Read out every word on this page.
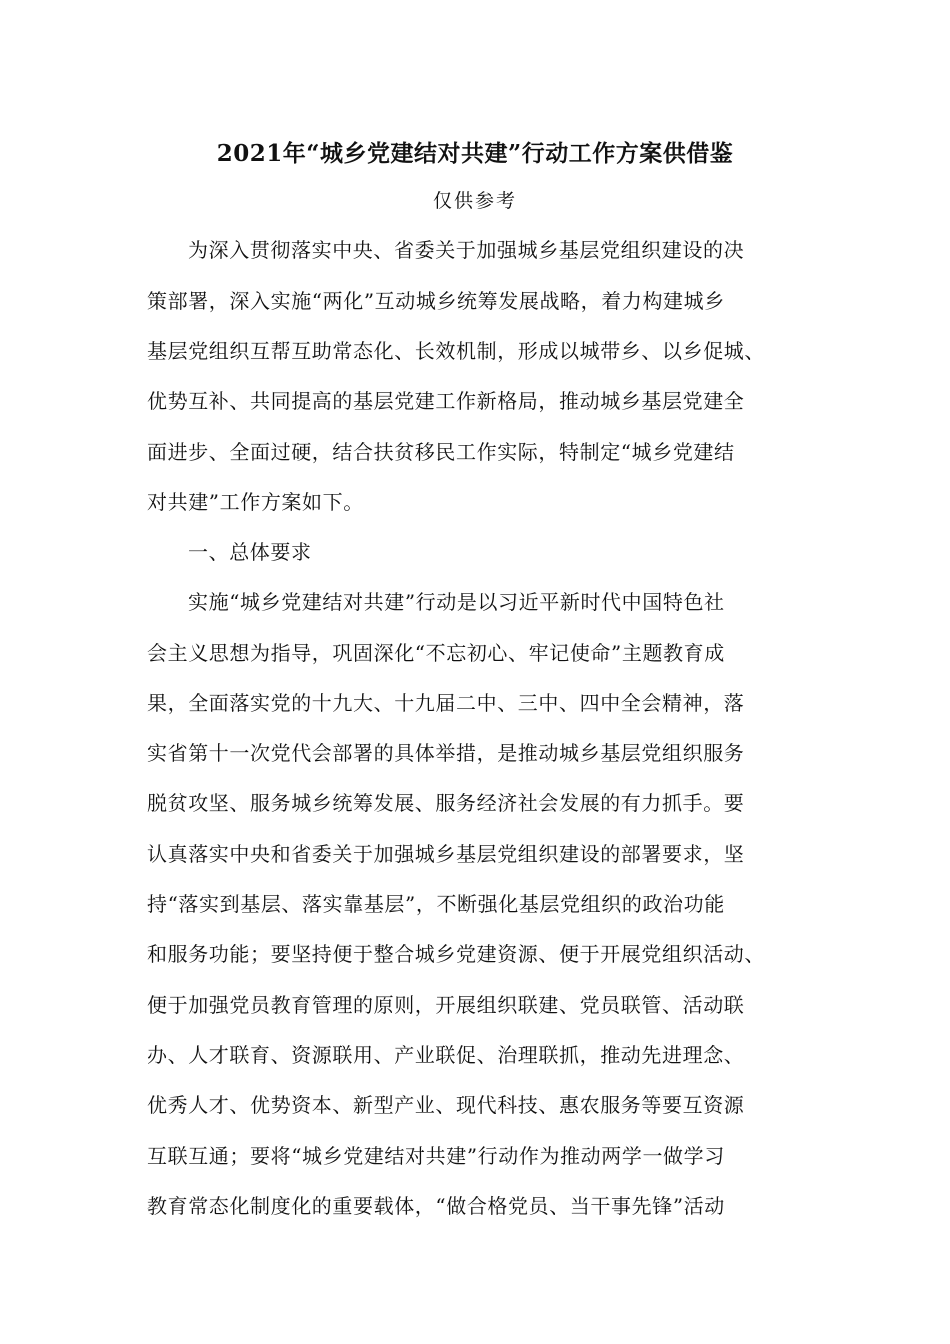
2021年“城乡党建结对共建”行动工作方案供借鉴
仅供参考
为深入贯彻落实中央、省委关于加强城乡基层党组织建设的决
策部署，深入实施“两化”互动城乡统筹发展战略，着力构建城乡
基层党组织互帮互助常态化、长效机制，形成以城带乡、以乡促城、
优势互补、共同提高的基层党建工作新格局，推动城乡基层党建全
面进步、全面过硬，结合扶贫移民工作实际，特制定“城乡党建结
对共建”工作方案如下。
一、总体要求
实施“城乡党建结对共建”行动是以习近平新时代中国特色社
会主义思想为指导，巩固深化“不忘初心、牢记使命”主题教育成
果，全面落实党的十九大、十九届二中、三中、四中全会精神，落
实省第十一次党代会部署的具体举措，是推动城乡基层党组织服务
脱贫攻坚、服务城乡统筹发展、服务经济社会发展的有力抓手。要
认真落实中央和省委关于加强城乡基层党组织建设的部署要求，坚
持“落实到基层、落实靠基层”，不断强化基层党组织的政治功能
和服务功能；要坚持便于整合城乡党建资源、便于开展党组织活动、
便于加强党员教育管理的原则，开展组织联建、党员联管、活动联
办、人才联育、资源联用、产业联促、治理联抓，推动先进理念、
优秀人才、优势资本、新型产业、现代科技、惠农服务等要互资源
互联互通；要将“城乡党建结对共建”行动作为推动两学一做学习
教育常态化制度化的重要载体，“做合格党员、当干事先锋”活动
